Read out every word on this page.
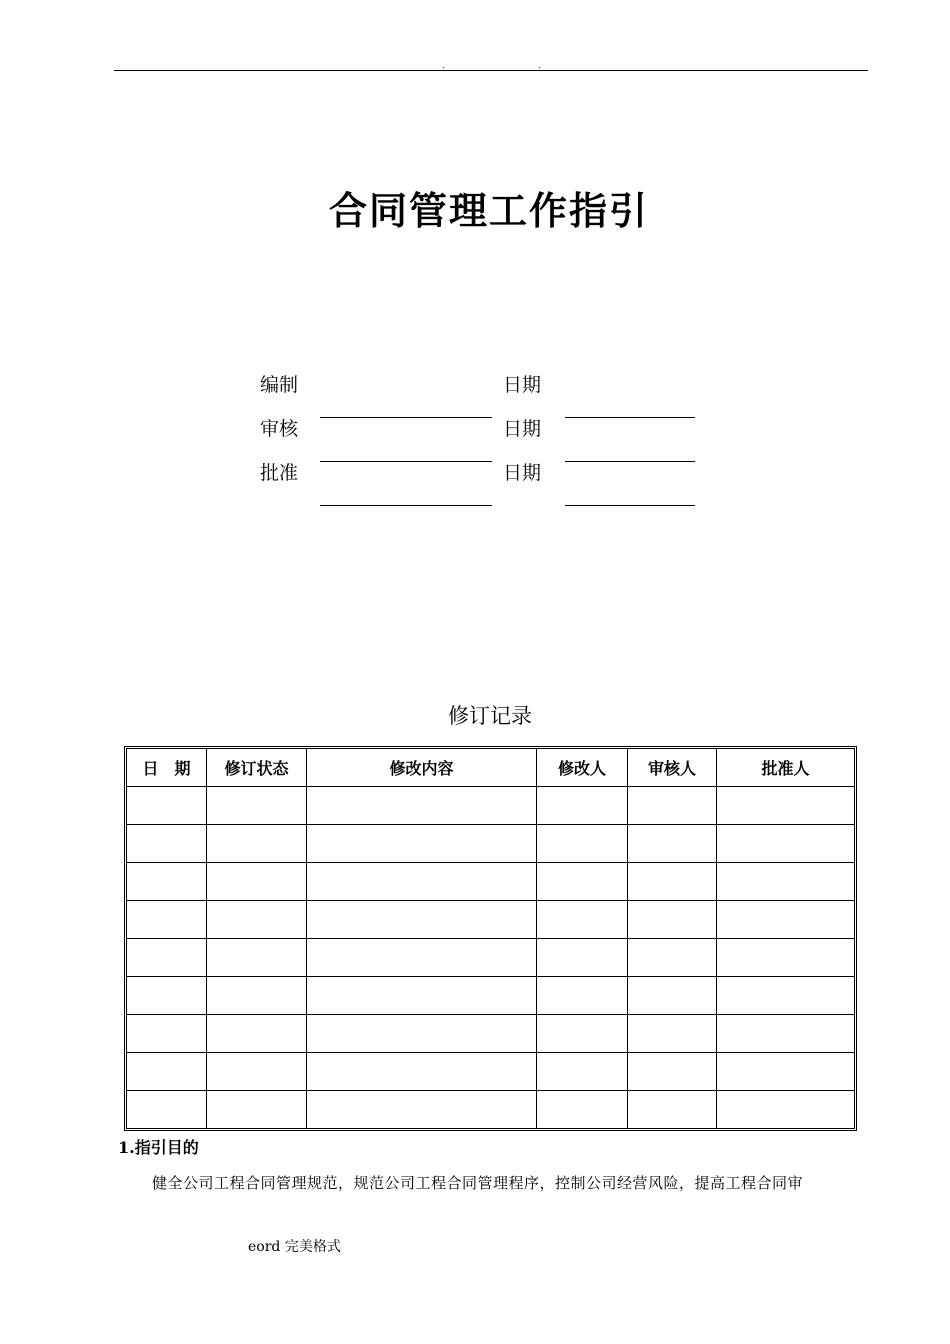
.	.
合同管理工作指引
编制	日期
审核	日期
批准	日期
修订记录
日　期	修订状态	修改内容	修改人	审核人	批准人

1.指引目的
健全公司工程合同管理规范，规范公司工程合同管理程序，控制公司经营风险，提高工程合同审
eord 完美格式
